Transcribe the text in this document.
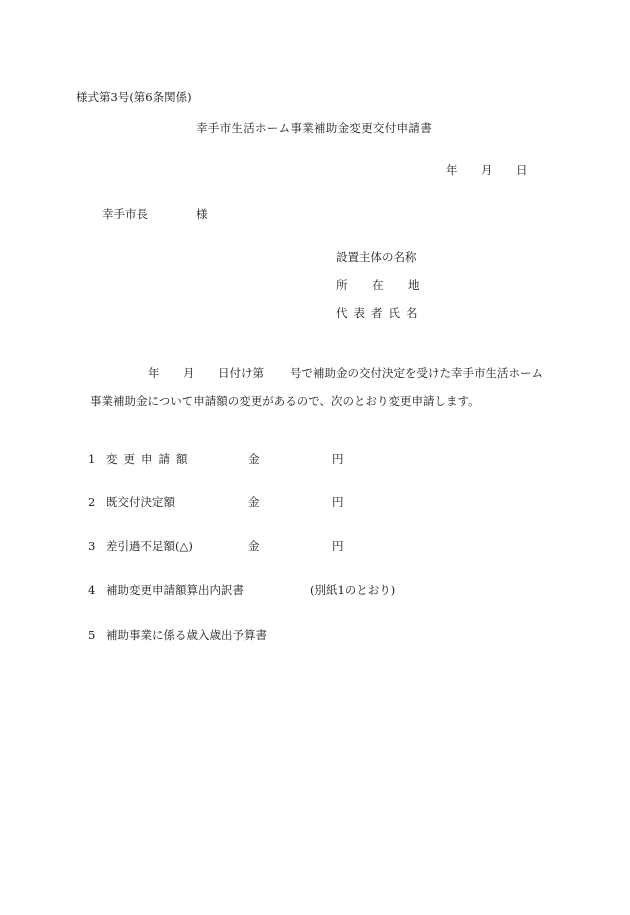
様式第3号(第6条関係)
幸手市生活ホーム事業補助金変更交付申請書
年 月 日
幸手市長	様
設置主体の名称
所 在 地
代表者氏名
年 月 日付け第 号で補助金の交付決定を受けた幸手市生活ホーム
事業補助金について申請額の変更があるので、次のとおり変更申請します。
1 変更申請額	金	円
2 既交付決定額	金	円
3 差引過不足額(△)	金	円
4 補助変更申請額算出内訳書	(別紙1のとおり)
5 補助事業に係る歳入歳出予算書
